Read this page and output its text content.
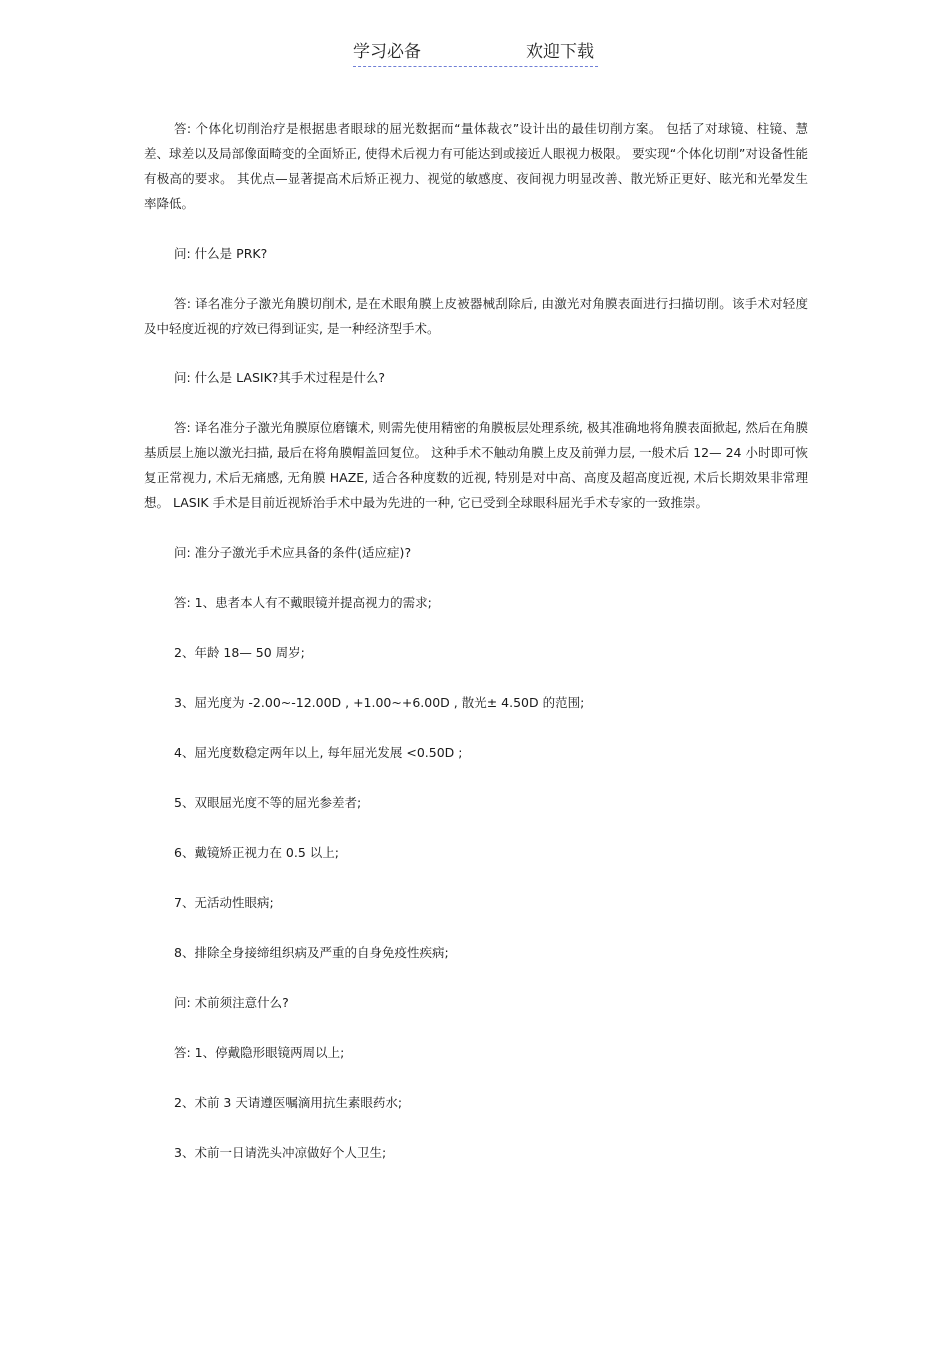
学习必备	欢迎下载

答: 个体化切削治疗是根据患者眼球的屈光数据而“量体裁衣”设计出的最佳切削方案。 包括了对球镜、柱镜、慧差、球差以及局部像面畸变的全面矫正, 使得术后视力有可能达到或接近人眼视力极限。 要实现“个体化切削”对设备性能有极高的要求。 其优点—显著提高术后矫正视力、视觉的敏感度、夜间视力明显改善、散光矫正更好、眩光和光晕发生率降低。

问: 什么是 PRK?

答: 译名准分子激光角膜切削术, 是在术眼角膜上皮被器械刮除后, 由激光对角膜表面进行扫描切削。该手术对轻度及中轻度近视的疗效已得到证实, 是一种经济型手术。

问: 什么是 LASIK?其手术过程是什么?

答: 译名准分子激光角膜原位磨镶术, 则需先使用精密的角膜板层处理系统, 极其准确地将角膜表面掀起, 然后在角膜基质层上施以激光扫描, 最后在将角膜帽盖回复位。 这种手术不触动角膜上皮及前弹力层, 一般术后 12— 24 小时即可恢复正常视力, 术后无痛感, 无角膜 HAZE, 适合各种度数的近视, 特别是对中高、高度及超高度近视, 术后长期效果非常理想。 LASIK 手术是目前近视矫治手术中最为先进的一种, 它已受到全球眼科屈光手术专家的一致推崇。

问: 准分子激光手术应具备的条件(适应症)?
答: 1、患者本人有不戴眼镜并提高视力的需求;
2、年龄 18— 50 周岁;
3、屈光度为 -2.00~-12.00D , +1.00~+6.00D , 散光± 4.50D 的范围;
4、屈光度数稳定两年以上, 每年屈光发展 <0.50D ;
5、双眼屈光度不等的屈光参差者;
6、戴镜矫正视力在 0.5 以上;
7、无活动性眼病;
8、排除全身接缔组织病及严重的自身免疫性疾病;
问: 术前须注意什么?
答: 1、停戴隐形眼镜两周以上;
2、术前 3 天请遵医嘱滴用抗生素眼药水;
3、术前一日请洗头冲凉做好个人卫生;
